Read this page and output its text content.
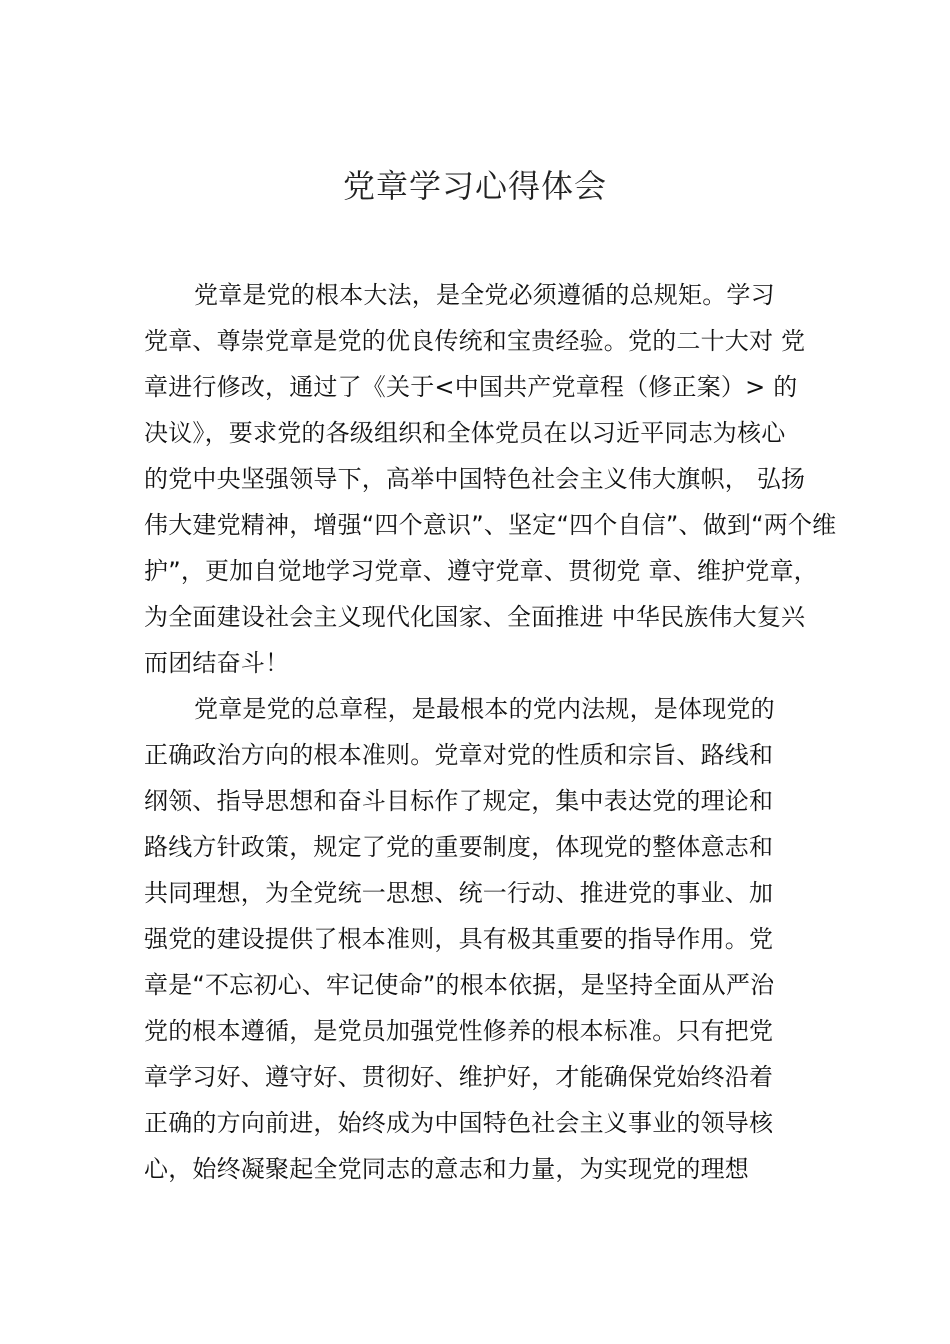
党章学习心得体会
党章是党的根本大法，是全党必须遵循的总规矩。学习
党章、尊崇党章是党的优良传统和宝贵经验。党的二十大对 党
章进行修改，通过了《关于<中国共产党章程（修正案）> 的
决议》，要求党的各级组织和全体党员在以习近平同志为核心
的党中央坚强领导下，高举中国特色社会主义伟大旗帜， 弘扬
伟大建党精神，增强“四个意识”、坚定“四个自信”、做到“两个维
护”，更加自觉地学习党章、遵守党章、贯彻党 章、维护党章，
为全面建设社会主义现代化国家、全面推进 中华民族伟大复兴
而团结奋斗！
党章是党的总章程，是最根本的党内法规，是体现党的
正确政治方向的根本准则。党章对党的性质和宗旨、路线和
纲领、指导思想和奋斗目标作了规定，集中表达党的理论和
路线方针政策，规定了党的重要制度，体现党的整体意志和
共同理想，为全党统一思想、统一行动、推进党的事业、加
强党的建设提供了根本准则，具有极其重要的指导作用。党
章是“不忘初心、牢记使命”的根本依据，是坚持全面从严治
党的根本遵循，是党员加强党性修养的根本标准。只有把党
章学习好、遵守好、贯彻好、维护好，才能确保党始终沿着
正确的方向前进，始终成为中国特色社会主义事业的领导核
心，始终凝聚起全党同志的意志和力量，为实现党的理想
